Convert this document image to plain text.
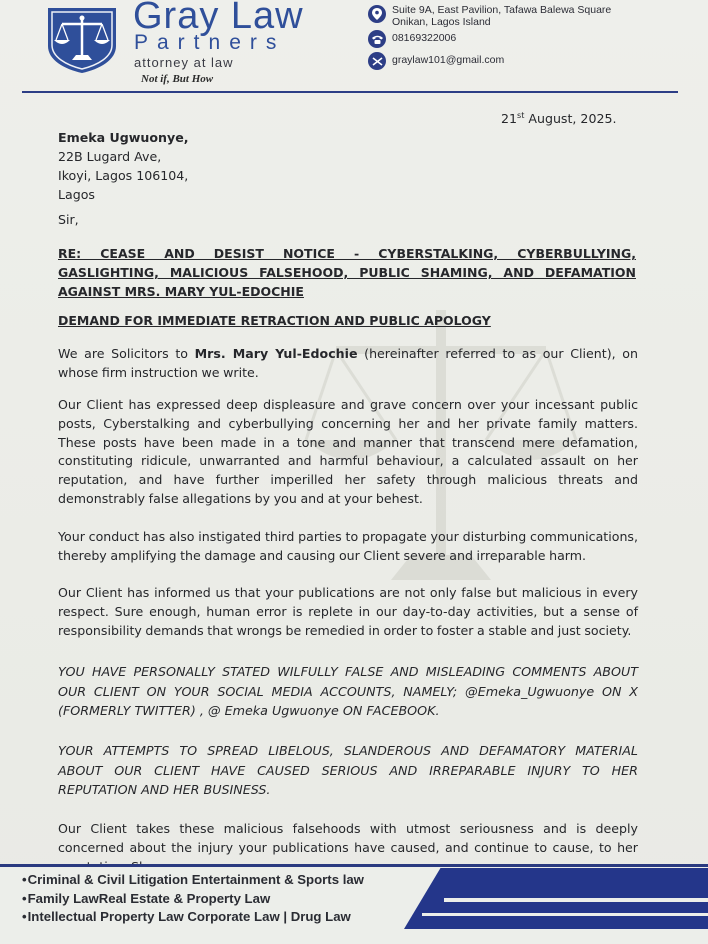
Gray Law
Partners
attorney at law
Not if, But How
Suite 9A, East Pavilion, Tafawa Balewa Square
Onikan, Lagos Island
08169322006
graylaw101@gmail.com
21st August, 2025.
Emeka Ugwuonye,
22B Lugard Ave,
Ikoyi, Lagos 106104,
Lagos
Sir,
RE: CEASE AND DESIST NOTICE - CYBERSTALKING, CYBERBULLYING, GASLIGHTING, MALICIOUS FALSEHOOD, PUBLIC SHAMING, AND DEFAMATION AGAINST MRS. MARY YUL-EDOCHIE
DEMAND FOR IMMEDIATE RETRACTION AND PUBLIC APOLOGY
We are Solicitors to Mrs. Mary Yul-Edochie (hereinafter referred to as our Client), on whose firm instruction we write.
Our Client has expressed deep displeasure and grave concern over your incessant public posts, Cyberstalking and cyberbullying concerning her and her private family matters. These posts have been made in a tone and manner that transcend mere defamation, constituting ridicule, unwarranted and harmful behaviour, a calculated assault on her reputation, and have further imperilled her safety through malicious threats and demonstrably false allegations by you and at your behest.
Your conduct has also instigated third parties to propagate your disturbing communications, thereby amplifying the damage and causing our Client severe and irreparable harm.
Our Client has informed us that your publications are not only false but malicious in every respect. Sure enough, human error is replete in our day-to-day activities, but a sense of responsibility demands that wrongs be remedied in order to foster a stable and just society.
YOU HAVE PERSONALLY STATED WILFULLY FALSE AND MISLEADING COMMENTS ABOUT OUR CLIENT ON YOUR SOCIAL MEDIA ACCOUNTS, NAMELY; @Emeka_Ugwuonye ON X (FORMERLY TWITTER) , @ Emeka Ugwuonye ON FACEBOOK.
YOUR ATTEMPTS TO SPREAD LIBELOUS, SLANDEROUS AND DEFAMATORY MATERIAL ABOUT OUR CLIENT HAVE CAUSED SERIOUS AND IRREPARABLE INJURY TO HER REPUTATION AND HER BUSINESS.
Our Client takes these malicious falsehoods with utmost seriousness and is deeply concerned about the injury your publications have caused, and continue to cause, to her
• Criminal & Civil Litigation Entertainment & Sports law
• Family LawReal Estate & Property Law
• Intellectual Property Law Corporate Law | Drug Law
